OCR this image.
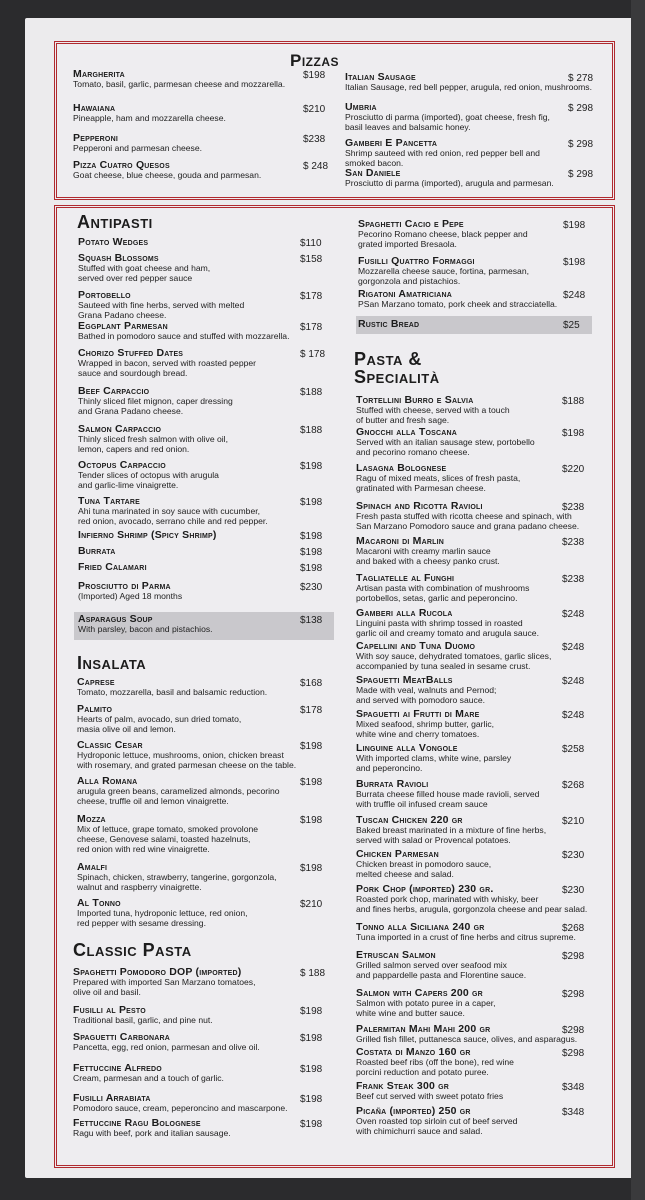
Pizzas
Margherita
Tomato, basil, garlic, parmesan cheese and mozzarella.
$198
Hawaiana
Pineapple, ham and mozzarella cheese.
$210
Pepperoni
Pepperoni and parmesan cheese.
$238
Pizza Cuatro Quesos
Goat cheese, blue cheese, gouda and parmesan.
$ 248
Italian Sausage
Italian Sausage, red bell pepper, arugula, red onion, mushrooms.
$ 278
Umbria
Prosciutto di parma (imported), goat cheese, fresh fig,
basil leaves and balsamic honey.
$ 298
Gamberi E Pancetta
Shrimp sauteed with red onion, red pepper bell and
smoked bacon.
$ 298
San Daniele
Prosciutto di parma (imported), arugula and parmesan.
$ 298
Antipasti
Potato Wedges	$110
Squash Blossoms
Stuffed with goat cheese and ham,
served over red pepper sauce
$158
Portobello
Sauteed with fine herbs, served with melted
Grana Padano cheese.
$178
Eggplant Parmesan
Bathed in pomodoro sauce and stuffed with mozzarella.
$178
Chorizo Stuffed Dates
Wrapped in bacon, served with roasted pepper
sauce and sourdough bread.
$ 178
Beef Carpaccio
Thinly sliced filet mignon, caper dressing
and Grana Padano cheese.
$188
Salmon Carpaccio
Thinly sliced fresh salmon with olive oil,
lemon, capers and red onion.
$188
Octopus Carpaccio
Tender slices of octopus with arugula
and garlic-lime vinaigrette.
$198
Tuna Tartare
Ahi tuna marinated in soy sauce with cucumber,
red onion, avocado, serrano chile and red pepper.
$198
Infierno Shrimp (Spicy Shrimp)	$198
Burrata	$198
Fried Calamari	$198
Prosciutto di Parma
(Imported) Aged 18 months
$230
Asparagus Soup
With parsley, bacon and pistachios.
$138
Insalata
Caprese
Tomato, mozzarella, basil and balsamic reduction.
$168
Palmito
Hearts of palm, avocado, sun dried tomato,
masia olive oil and lemon.
$178
Classic Cesar
Hydroponic lettuce, mushrooms, onion, chicken breast
with rosemary, and grated parmesan cheese on the table.
$198
Alla Romana
arugula green beans, caramelized almonds, pecorino
cheese, truffle oil and lemon vinaigrette.
$198
Mozza
Mix of lettuce, grape tomato, smoked provolone
cheese, Genovese salami, toasted hazelnuts,
red onion with red wine vinaigrette.
$198
Amalfi
Spinach, chicken, strawberry, tangerine, gorgonzola,
walnut and raspberry vinaigrette.
$198
Al Tonno
Imported tuna, hydroponic lettuce, red onion,
red pepper with sesame dressing.
$210
Classic Pasta
Spaghetti Pomodoro DOP (imported)
Prepared with imported San Marzano tomatoes,
olive oil and basil.
$ 188
Fusilli al Pesto
Traditional basil, garlic, and pine nut.
$198
Spaguetti Carbonara
Pancetta, egg, red onion, parmesan and olive oil.
$198
Fettuccine Alfredo
Cream, parmesan and a touch of garlic.
$198
Fusilli Arrabiata
Pomodoro sauce, cream, peperoncino and mascarpone.
$198
Fettuccine Ragu Bolognese
Ragu with beef, pork and italian sausage.
$198
Spaghetti Cacio e Pepe
Pecorino Romano cheese, black pepper and
grated imported Bresaola.
$198
Fusilli Quattro Formaggi
Mozzarella cheese sauce, fortina, parmesan,
gorgonzola and pistachios.
$198
Rigatoni Amatriciana
PSan Marzano tomato, pork cheek and stracciatella.
$248
Rustic Bread	$25
Pasta &
Specialità
Tortellini Burro e Salvia
Stuffed with cheese, served with a touch
of butter and fresh sage.
$188
Gnocchi alla Toscana
Served with an italian sausage stew, portobello
and pecorino romano cheese.
$198
Lasagna Bolognese
Ragu of mixed meats, slices of fresh pasta,
gratinated with Parmesan cheese.
$220
Spinach and Ricotta Ravioli
Fresh pasta stuffed with ricotta cheese and spinach, with
San Marzano Pomodoro sauce and grana padano cheese.
$238
Macaroni di Marlin
Macaroni with creamy marlin sauce
and baked with a cheesy panko crust.
$238
Tagliatelle al Funghi
Artisan pasta with combination of mushrooms
portobellos, setas, garlic and peperoncino.
$238
Gamberi alla Rucola
Linguini pasta with shrimp tossed in roasted
garlic oil and creamy tomato and arugula sauce.
$248
Capellini and Tuna Duomo
With soy sauce, dehydrated tomatoes, garlic slices,
accompanied by tuna sealed in sesame crust.
$248
Spaguetti MeatBalls
Made with veal, walnuts and Pernod;
and served with pomodoro sauce.
$248
Spaguetti ai Frutti di Mare
Mixed seafood, shrimp butter, garlic,
white wine and cherry tomatoes.
$248
Linguine alla Vongole
With imported clams, white wine, parsley
and peperoncino.
$258
Burrata Ravioli
Burrata cheese filled house made ravioli, served
with truffle oil infused cream sauce
$268
Tuscan Chicken 220 gr
Baked breast marinated in a mixture of fine herbs,
served with salad or Provencal potatoes.
$210
Chicken Parmesan
Chicken breast in pomodoro sauce,
melted cheese and salad.
$230
Pork Chop (imported) 230 gr.
Roasted pork chop, marinated with whisky, beer
and fines herbs, arugula, gorgonzola cheese and pear salad.
$230
Tonno alla Siciliana 240 gr
Tuna imported in a crust of fine herbs and citrus supreme.
$268
Etruscan Salmon
Grilled salmon served over seafood mix
and pappardelle pasta and Florentine sauce.
$298
Salmon with Capers 200 gr
Salmon with potato puree in a caper,
white wine and butter sauce.
$298
Palermitan Mahi Mahi 200 gr
Grilled fish fillet, puttanesca sauce, olives, and asparagus.
$298
Costata di Manzo 160 gr
Roasted beef ribs (off the bone), red wine
porcini reduction and potato puree.
$298
Frank Steak 300 gr
Beef cut served with sweet potato fries
$348
Picaña (imported) 250 gr
Oven roasted top sirloin cut of beef served
with chimichurri sauce and salad.
$348
